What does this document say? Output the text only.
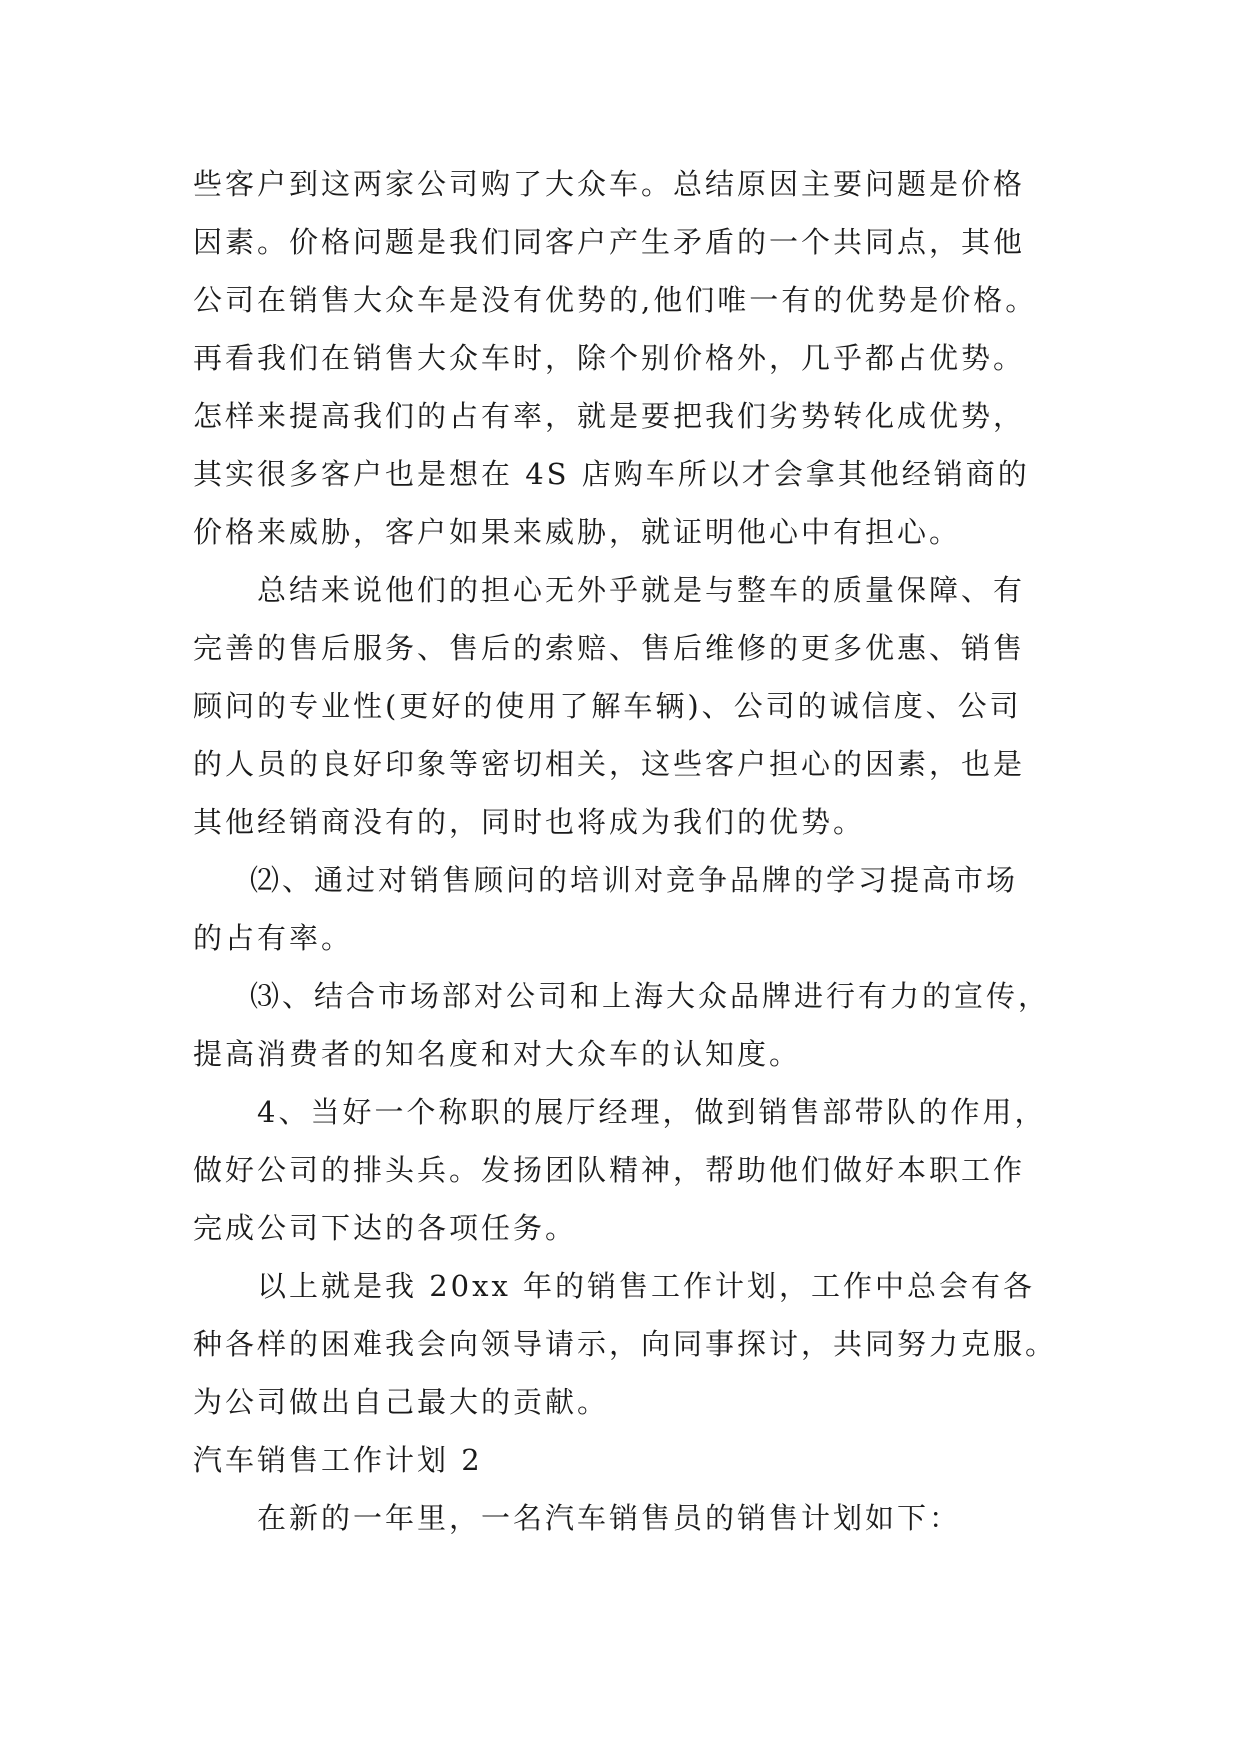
些客户到这两家公司购了大众车。总结原因主要问题是价格
因素。价格问题是我们同客户产生矛盾的一个共同点，其他
公司在销售大众车是没有优势的,他们唯一有的优势是价格。
再看我们在销售大众车时，除个别价格外，几乎都占优势。
怎样来提高我们的占有率，就是要把我们劣势转化成优势，
其实很多客户也是想在 4S 店购车所以才会拿其他经销商的
价格来威胁，客户如果来威胁，就证明他心中有担心。
总结来说他们的担心无外乎就是与整车的质量保障、有
完善的售后服务、售后的索赔、售后维修的更多优惠、销售
顾问的专业性(更好的使用了解车辆)、公司的诚信度、公司
的人员的良好印象等密切相关，这些客户担心的因素，也是
其他经销商没有的，同时也将成为我们的优势。
⑵、通过对销售顾问的培训对竞争品牌的学习提高市场
的占有率。
⑶、结合市场部对公司和上海大众品牌进行有力的宣传，
提高消费者的知名度和对大众车的认知度。
4、当好一个称职的展厅经理，做到销售部带队的作用，
做好公司的排头兵。发扬团队精神，帮助他们做好本职工作
完成公司下达的各项任务。
以上就是我 20xx 年的销售工作计划，工作中总会有各
种各样的困难我会向领导请示，向同事探讨，共同努力克服。
为公司做出自己最大的贡献。
汽车销售工作计划 2
在新的一年里，一名汽车销售员的销售计划如下：
